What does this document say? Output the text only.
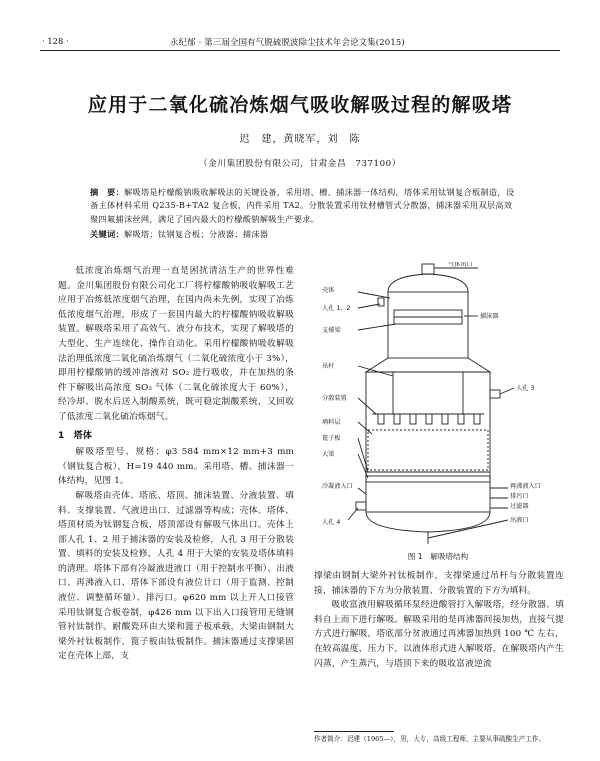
· 128 ·	永纪郁 · 第三届全国有气脱硫脱波除尘技术年会论文集(2015)
应用于二氧化硫冶炼烟气吸收解吸过程的解吸塔
迟　建，黄晓军，刘　陈
（金川集团股份有限公司，甘肃金昌　737100）
摘　要：解吸塔是柠檬酸钠吸收解吸法的关键设备，采用塔、槽、捕沫器一体结构，塔体采用钛钢复合板制造，设备主体材料采用 Q235-B+TA2 复合板，内件采用 TA2。分散装置采用钛材槽管式分散器，捕沫器采用双层高效聚四氟捕沫丝网，满足了国内最大的柠檬酸钠解吸生产要求。
关键词：解吸塔；钛钢复合板；分液器；捕沫器

低浓度冶炼烟气治理一直是困扰清洁生产的世界性难题。金川集团股份有限公司化工厂将柠檬酸钠吸收解吸工艺应用于冶炼低浓度烟气治理，在国内尚未先例，实现了冶炼低浓度烟气治理，形成了一套国内最大的柠檬酸钠吸收解吸装置。解吸塔采用了高效气、液分布技术，实现了解吸塔的大型化、生产连续化、操作自动化。采用柠檬酸钠吸收解吸法治理低浓度二氧化硫冶炼烟气（二氧化硫浓度小于 3%），即用柠檬酸钠的缓冲溶液对 SO₂ 进行吸收，并在加热的条件下解吸出高浓度 SO₂ 气体（二氧化硫浓度大于 60%），经冷却、脱水后送入制酸系统，既可稳定制酸系统，又回收了低浓度二氧化硫冶炼烟气。

1　塔体

解吸塔型号、规格：φ3 584 mm×12 mm+3 mm（钢钛复合板），H=19 440 mm。采用塔、槽、捕沫器一体结构，见图 1。

解吸塔由壳体、塔底、塔顶、捕沫装置、分液装置、填料、支撑装置、气液进出口、过滤器等构成；壳体、塔体、塔顶材质为钛钢复合板，塔顶部设有解吸气体出口。壳体上部人孔 1、2 用于捕沫器的安装及检修，人孔 3 用于分散装置、填料的安装及检修，人孔 4 用于大梁的安装及塔体填料的清理。塔体下部有冷凝液进液口（用于控制水平衡）、出液口、再沸液入口、塔体下部设有液位计口（用于监测、控制液位、调整循环量）、排污口。φ620 mm 以上开人口接管采用钛钢复合板卷制，φ426 mm 以下出入口接管用无缝钢管衬钛制作。耐酸瓷环由大梁和篦子板承载，大梁由钢制大梁外衬钛板制作，篦子板由钛板制作。捕沫器通过支撑梁固定在壳体上部，支

气体出口
壳体
人孔 1、2
捕沫器
支撑梁
吊杆
人孔 3
分散装置
填料层
篦子板
大梁
再沸液入口
排污口
冷凝液入口
过滤器
出液口
人孔 4
图 1　解吸塔结构

撑梁由钢制大梁外衬钛板制作，支撑梁通过吊杆与分散装置连接，捕沫器的下方为分散装置、分散装置的下方为填料。

吸收富液用解吸循环泵经进酸管打入解吸塔，经分散器、填料自上而下进行解吸。解吸采用的是再沸器间接加热，直接气提方式进行解吸，塔底部分贫液通过再沸器加热到 100 ℃ 左右，在较高温度、压力下，以液体形式进入解吸塔，在解吸塔内产生闪蒸，产生蒸汽，与塔顶下来的吸收富液逆流

作者简介：迟建（1965—），男，大专，高级工程师，主要从事硫酸生产工作。
